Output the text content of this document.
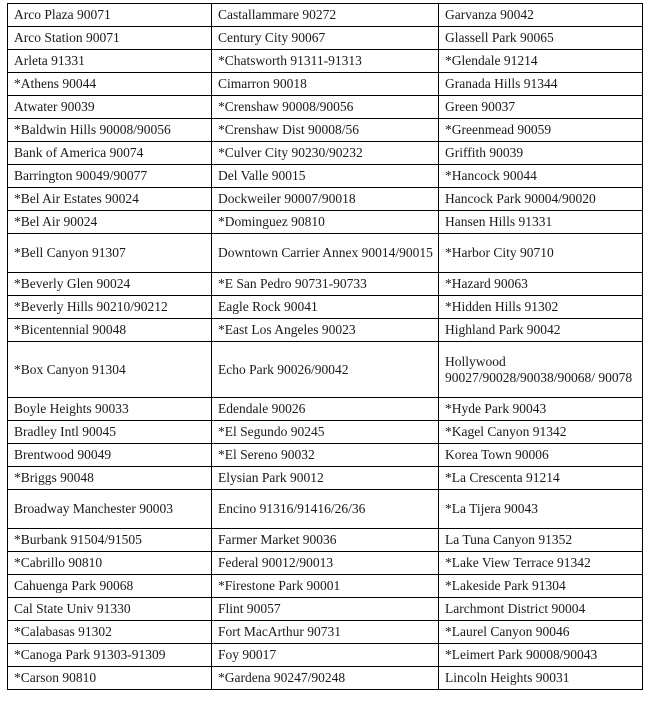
Arco Plaza 90071	Castallammare 90272	Garvanza 90042
Arco Station 90071	Century City 90067	Glassell Park 90065
Arleta 91331	*Chatsworth 91311-91313	*Glendale 91214
*Athens 90044	Cimarron 90018	Granada Hills 91344
Atwater 90039	*Crenshaw 90008/90056	Green 90037
*Baldwin Hills 90008/90056	*Crenshaw Dist 90008/56	*Greenmead 90059
Bank of America 90074	*Culver City 90230/90232	Griffith 90039
Barrington 90049/90077	Del Valle 90015	*Hancock 90044
*Bel Air Estates 90024	Dockweiler 90007/90018	Hancock Park 90004/90020
*Bel Air 90024	*Dominguez 90810	Hansen Hills 91331
*Bell Canyon 91307	Downtown Carrier Annex 90014/90015	*Harbor City 90710
*Beverly Glen 90024	*E San Pedro 90731-90733	*Hazard 90063
*Beverly Hills 90210/90212	Eagle Rock 90041	*Hidden Hills 91302
*Bicentennial 90048	*East Los Angeles 90023	Highland Park 90042
*Box Canyon 91304	Echo Park 90026/90042	Hollywood 90027/90028/90038/90068/ 90078
Boyle Heights 90033	Edendale 90026	*Hyde Park 90043
Bradley Intl 90045	*El Segundo 90245	*Kagel Canyon 91342
Brentwood 90049	*El Sereno 90032	Korea Town 90006
*Briggs 90048	Elysian Park 90012	*La Crescenta 91214
Broadway Manchester 90003	Encino 91316/91416/26/36	*La Tijera 90043
*Burbank 91504/91505	Farmer Market 90036	La Tuna Canyon 91352
*Cabrillo 90810	Federal 90012/90013	*Lake View Terrace 91342
Cahuenga Park 90068	*Firestone Park 90001	*Lakeside Park 91304
Cal State Univ 91330	Flint 90057	Larchmont District 90004
*Calabasas 91302	Fort MacArthur 90731	*Laurel Canyon 90046
*Canoga Park 91303-91309	Foy 90017	*Leimert Park 90008/90043
*Carson 90810	*Gardena 90247/90248	Lincoln Heights 90031
